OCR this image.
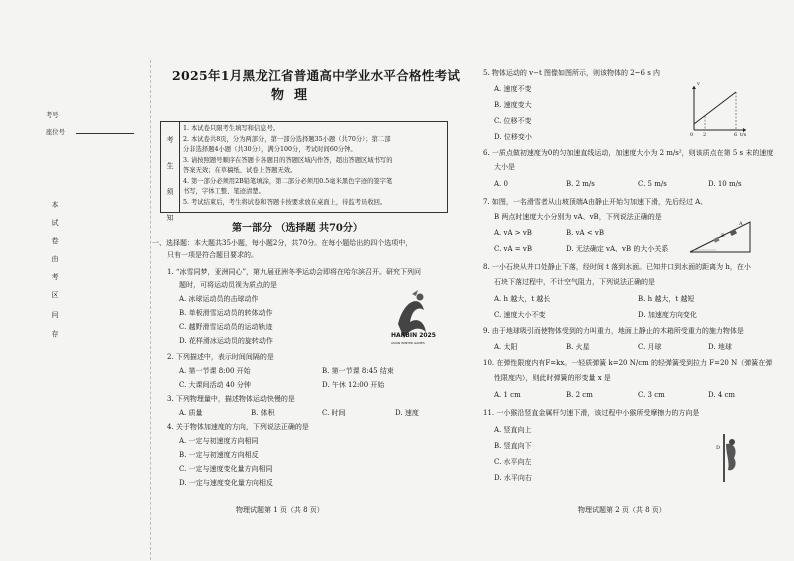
考号
座位号
本
试
卷
由
考
区
问
存
2025年1月黑龙江省普通高中学业水平合格性考试
物理
考
生
须
知
1. 本试卷只限考生填写和信息号。
2. 本试卷共8页，分为两部分，第一部分选择题35小题（共70分）；第二部
分非选择题4小题（共30分），满分100分，考试时间60分钟。
3. 请按照题号顺序在答题卡各题目的答题区域内作答，超出答题区域书写的
答案无效；在草稿纸、试卷上答题无效。
4. 第一部分必须用2B铅笔填涂，第二部分必须用0.5毫米黑色字迹的签字笔
书写，字体工整、笔迹清楚。
5. 考试结束后，考生将试卷和答题卡按要求放在桌面上，待监考员收回。
第一部分 （选择题 共70分）
一、选择题：本大题共35小题，每小题2分，共70分。在每小题给出的四个选项中，
只有一项是符合题目要求的。
1. “冰雪同梦，亚洲同心”，第九届亚洲冬季运动会即将在哈尔滨召开。研究下列问
题时，可将运动员视为质点的是
A. 冰球运动员的击球动作
B. 单板滑雪运动员的转体动作
C. 越野滑雪运动员的运动轨迹
D. 花样滑冰运动员的旋转动作
HARBIN 2025
ASIAN WINTER GAMES
2. 下列描述中，表示时间间隔的是
A. 第一节课 8:00 开始	B. 第一节课 8:45 结束
C. 大课间活动 40 分钟	D. 午休 12:00 开始
3. 下列物理量中，描述物体运动快慢的是
A. 质量	B. 体积	C. 时间	D. 速度
4. 关于物体加速度的方向，下列说法正确的是
A. 一定与初速度方向相同
B. 一定与初速度方向相反
C. 一定与速度变化量方向相同
D. 一定与速度变化量方向相反
物理试题第 1 页（共 8 页）
5. 物体运动的 v−t 图像如图所示，则该物体的 2~6 s 内
A. 速度不变
B. 速度变大
C. 位移不变
D. 位移变小
v
t/s
0 2	6
6. 一质点做初速度为0的匀加速直线运动，加速度大小为 2 m/s²，则该质点在第 5 s 末的速度
大小是
A. 0	B. 2 m/s	C. 5 m/s	D. 10 m/s
7. 如图，一名滑雪者从山坡顶端A由静止开始匀加速下滑，先后经过 A、
B 两点时速度大小分别为 vA、vB，下列说法正确的是
A. vA > vB	B. vA < vB
C. vA = vB	D. 无法确定 vA、vB 的大小关系
A
B
8. 一小石块从井口处静止下落，经时间 t 落到水面。已知井口到水面的距离为 h，在小
石块下落过程中，不计空气阻力，下列说法正确的是
A. h 越大，t 越长	B. h 越大，t 越短
C. 速度大小不变	D. 加速度方向变化
9. 由于地球吸引而使物体受到的力叫重力，地面上静止的木箱所受重力的施力物体是
A. 太阳	B. 火星	C. 月球	D. 地球
10. 在弹性限度内有F=kx。一轻质弹簧 k=20 N/cm 的轻弹簧受到拉力 F=20 N（弹簧在弹
性限度内），则此时弹簧的形变量 x 是
A. 1 cm	B. 2 cm	C. 3 cm	D. 4 cm
11. 一小猴沿竖直金属杆匀速下滑，该过程中小猴所受摩擦力的方向是
A. 竖直向上
B. 竖直向下
C. 水平向左
D. 水平向右
D
物理试题第 2 页（共 8 页）
